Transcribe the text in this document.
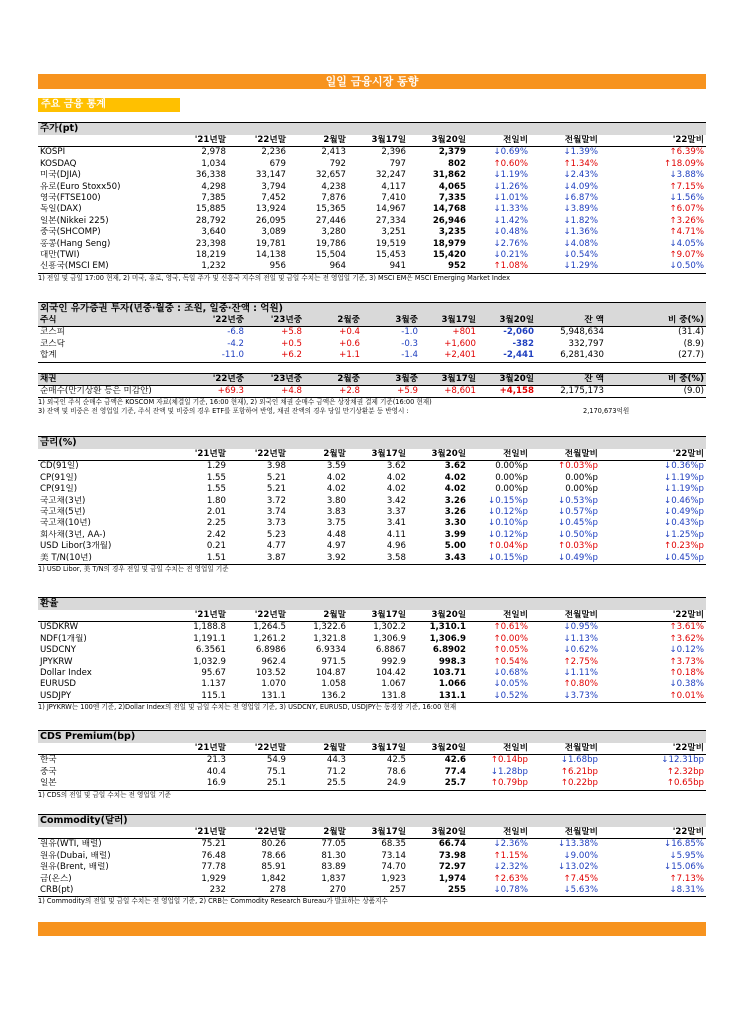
일일 금융시장 동향
주요 금융 통계
주가(pt)
	'21년말	'22년말	2월말	3월17일	3월20일	전일비	전월말비	'22말비
KOSPI	2,978	2,236	2,413	2,396	2,379	↓0.69%	↓1.39%	↑6.39%
KOSDAQ	1,034	679	792	797	802	↑0.60%	↑1.34%	↑18.09%
미국(DJIA)	36,338	33,147	32,657	32,247	31,862	↓1.19%	↓2.43%	↓3.88%
유로(Euro Stoxx50)	4,298	3,794	4,238	4,117	4,065	↓1.26%	↓4.09%	↑7.15%
영국(FTSE100)	7,385	7,452	7,876	7,410	7,335	↓1.01%	↓6.87%	↓1.56%
독일(DAX)	15,885	13,924	15,365	14,967	14,768	↓1.33%	↓3.89%	↑6.07%
일본(Nikkei 225)	28,792	26,095	27,446	27,334	26,946	↓1.42%	↓1.82%	↑3.26%
중국(SHCOMP)	3,640	3,089	3,280	3,251	3,235	↓0.48%	↓1.36%	↑4.71%
홍콩(Hang Seng)	23,398	19,781	19,786	19,519	18,979	↓2.76%	↓4.08%	↓4.05%
대만(TWI)	18,219	14,138	15,504	15,453	15,420	↓0.21%	↓0.54%	↑9.07%
신흥국(MSCI EM)	1,232	956	964	941	952	↑1.08%	↓1.29%	↓0.50%
1) 전일 및 금일 17:00 현재, 2) 미국, 유로, 영국, 독일 주가 및 신흥국 지수의 전일 및 금일 수치는 전 영업일 기준, 3) MSCI EM은 MSCI Emerging Market Index
외국인 유가증권 투자(년중·월중 : 조원, 일중·잔액 : 억원)
주식	'22년중	'23년중	2월중	3월중	3월17일	3월20일	잔 액	비 중(%)
코스피	-6.8	+5.8	+0.4	-1.0	+801	-2,060	5,948,634	(31.4)
코스닥	-4.2	+0.5	+0.6	-0.3	+1,600	-382	332,797	(8.9)
합계	-11.0	+6.2	+1.1	-1.4	+2,401	-2,441	6,281,430	(27.7)
채권	'22년중	'23년중	2월중	3월중	3월17일	3월20일	잔 액	비 중(%)
순매수(만기상환 등은 미감안)	+69.3	+4.8	+2.8	+5.9	+8,601	+4,158	2,175,173	(9.0)
1) 외국인 주식 순매수 금액은 KOSCOM 자료(체결일 기준, 16:00 현재), 2) 외국인 채권 순매수 금액은 상장채권 결제 기준(16:00 현재)
3) 잔액 및 비중은 전 영업일 기준, 주식 잔액 및 비중의 경우 ETF를 포함하여 반영, 채권 잔액의 경우 당일 만기상환분 등 반영시 :	2,170,673억원
금리(%)
	'21년말	'22년말	2월말	3월17일	3월20일	전일비	전월말비	'22말비
CD(91일)	1.29	3.98	3.59	3.62	3.62	0.00%p	↑0.03%p	↓0.36%p
CP(91일)	1.55	5.21	4.02	4.02	4.02	0.00%p	0.00%p	↓1.19%p
CP(91일)	1.55	5.21	4.02	4.02	4.02	0.00%p	0.00%p	↓1.19%p
국고채(3년)	1.80	3.72	3.80	3.42	3.26	↓0.15%p	↓0.53%p	↓0.46%p
국고채(5년)	2.01	3.74	3.83	3.37	3.26	↓0.12%p	↓0.57%p	↓0.49%p
국고채(10년)	2.25	3.73	3.75	3.41	3.30	↓0.10%p	↓0.45%p	↓0.43%p
회사채(3년, AA-)	2.42	5.23	4.48	4.11	3.99	↓0.12%p	↓0.50%p	↓1.25%p
USD Libor(3개월)	0.21	4.77	4.97	4.96	5.00	↑0.04%p	↑0.03%p	↑0.23%p
美 T/N(10년)	1.51	3.87	3.92	3.58	3.43	↓0.15%p	↓0.49%p	↓0.45%p
1) USD Libor, 美 T/N의 경우 전일 및 금일 수치는 전 영업일 기준
환율
	'21년말	'22년말	2월말	3월17일	3월20일	전일비	전월말비	'22말비
USDKRW	1,188.8	1,264.5	1,322.6	1,302.2	1,310.1	↑0.61%	↓0.95%	↑3.61%
NDF(1개월)	1,191.1	1,261.2	1,321.8	1,306.9	1,306.9	↑0.00%	↓1.13%	↑3.62%
USDCNY	6.3561	6.8986	6.9334	6.8867	6.8902	↑0.05%	↓0.62%	↓0.12%
JPYKRW	1,032.9	962.4	971.5	992.9	998.3	↑0.54%	↑2.75%	↑3.73%
Dollar Index	95.67	103.52	104.87	104.42	103.71	↓0.68%	↓1.11%	↑0.18%
EURUSD	1.137	1.070	1.058	1.067	1.066	↓0.05%	↑0.80%	↓0.38%
USDJPY	115.1	131.1	136.2	131.8	131.1	↓0.52%	↓3.73%	↑0.01%
1) JPYKRW는 100엔 기준, 2)Dollar Index의 전일 및 금일 수치는 전 영업일 기준, 3) USDCNY, EURUSD, USDJPY는 동경장 기준, 16:00 현재
CDS Premium(bp)
	'21년말	'22년말	2월말	3월17일	3월20일	전일비	전월말비	'22말비
한국	21.3	54.9	44.3	42.5	42.6	↑0.14bp	↓1.68bp	↓12.31bp
중국	40.4	75.1	71.2	78.6	77.4	↓1.28bp	↑6.21bp	↑2.32bp
일본	16.9	25.1	25.5	24.9	25.7	↑0.79bp	↑0.22bp	↑0.65bp
1) CDS의 전일 및 금일 수치는 전 영업일 기준
Commodity(달러)
	'21년말	'22년말	2월말	3월17일	3월20일	전일비	전월말비	'22말비
원유(WTI, 배럴)	75.21	80.26	77.05	68.35	66.74	↓2.36%	↓13.38%	↓16.85%
원유(Dubai, 배럴)	76.48	78.66	81.30	73.14	73.98	↑1.15%	↓9.00%	↓5.95%
원유(Brent, 배럴)	77.78	85.91	83.89	74.70	72.97	↓2.32%	↓13.02%	↓15.06%
금(온스)	1,929	1,842	1,837	1,923	1,974	↑2.63%	↑7.45%	↑7.13%
CRB(pt)	232	278	270	257	255	↓0.78%	↓5.63%	↓8.31%
1) Commodity의 전일 및 금일 수치는 전 영업일 기준, 2) CRB는 Commodity Research Bureau가 발표하는 상품지수
